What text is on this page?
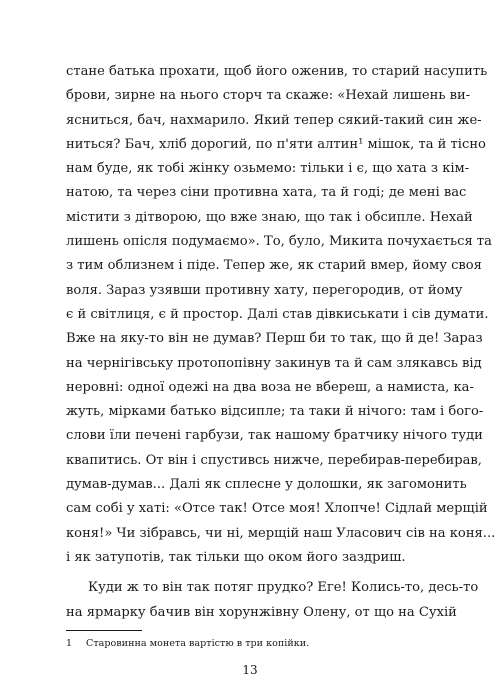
стане батька прохати, щоб його оженив, то старий насупить
брови, зирне на нього сторч та скаже: «Нехай лишень ви-
ясниться, бач, нахмарило. Який тепер сякий-такий син же-
ниться? Бач, хліб дорогий, по п'яти алтин¹ мішок, та й тісно
нам буде, як тобі жінку озьмемо: тільки і є, що хата з кім-
натою, та через сіни противна хата, та й годі; де мені вас
містити з дітворою, що вже знаю, що так і обсипле. Нехай
лишень опісля подумаємо». То, було, Микита почухається та
з тим облизнем і піде. Тепер же, як старий вмер, йому своя
воля. Зараз узявши противну хату, перегородив, от йому
є й світлиця, є й простор. Далі став дівкиськати і сів думати.
Вже на яку-то він не думав? Перш би то так, що й де! Зараз
на чернігівську протопопівну закинув та й сам злякавсь від
неровні: одної одежі на два воза не вбереш, а намиста, ка-
жуть, мірками батько відсипле; та таки й нічого: там і бого-
слови їли печені гарбузи, так нашому братчику нічого туди
квапитись. От він і спустивсь нижче, перебирав-перебирав,
думав-думав... Далі як сплесне у долошки, як загомонить
сам собі у хаті: «Отсе так! Отсе моя! Хлопче! Сідлай мерщій
коня!» Чи зібравсь, чи ні, мерщій наш Уласович сів на коня...
і як затупотів, так тільки що оком його заздриш.
Куди ж то він так потяг прудко? Еге! Колись-то, десь-то
на ярмарку бачив він хорунжівну Олену, от що на Сухій
1 Старовинна монета вартістю в три копійки.
13
